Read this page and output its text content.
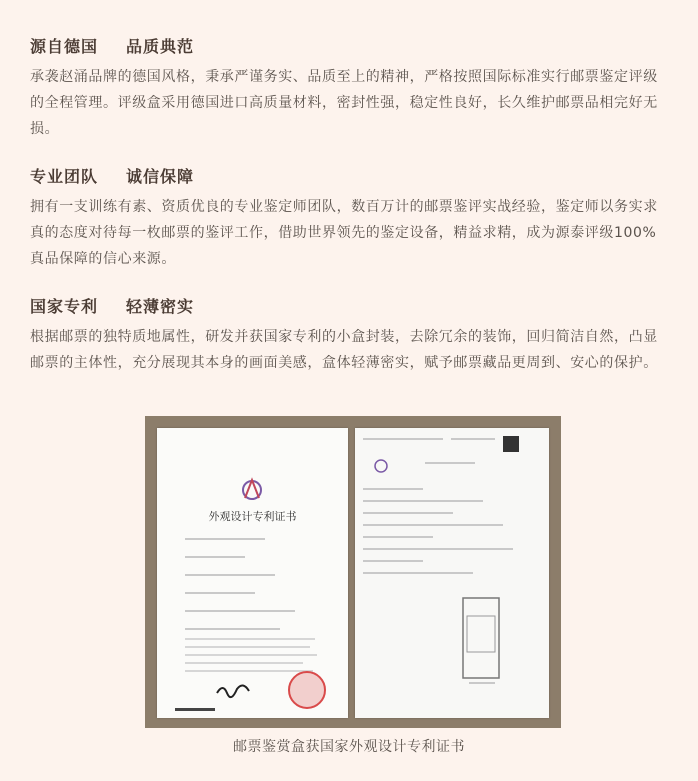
源自德国 品质典范
承袭赵涌品牌的德国风格，秉承严谨务实、品质至上的精神，严格按照国际标准实行邮票鉴定评级的全程管理。评级盒采用德国进口高质量材料，密封性强，稳定性良好，长久维护邮票品相完好无损。
专业团队 诚信保障
拥有一支训练有素、资质优良的专业鉴定师团队，数百万计的邮票鉴评实战经验，鉴定师以务实求真的态度对待每一枚邮票的鉴评工作，借助世界领先的鉴定设备，精益求精，成为源泰评级100%真品保障的信心来源。
国家专利 轻薄密实
根据邮票的独特质地属性，研发并获国家专利的小盒封装，去除冗余的装饰，回归简洁自然，凸显邮票的主体性，充分展现其本身的画面美感，盒体轻薄密实，赋予邮票藏品更周到、安心的保护。
外观设计专利证书
邮票鉴赏盒获国家外观设计专利证书
